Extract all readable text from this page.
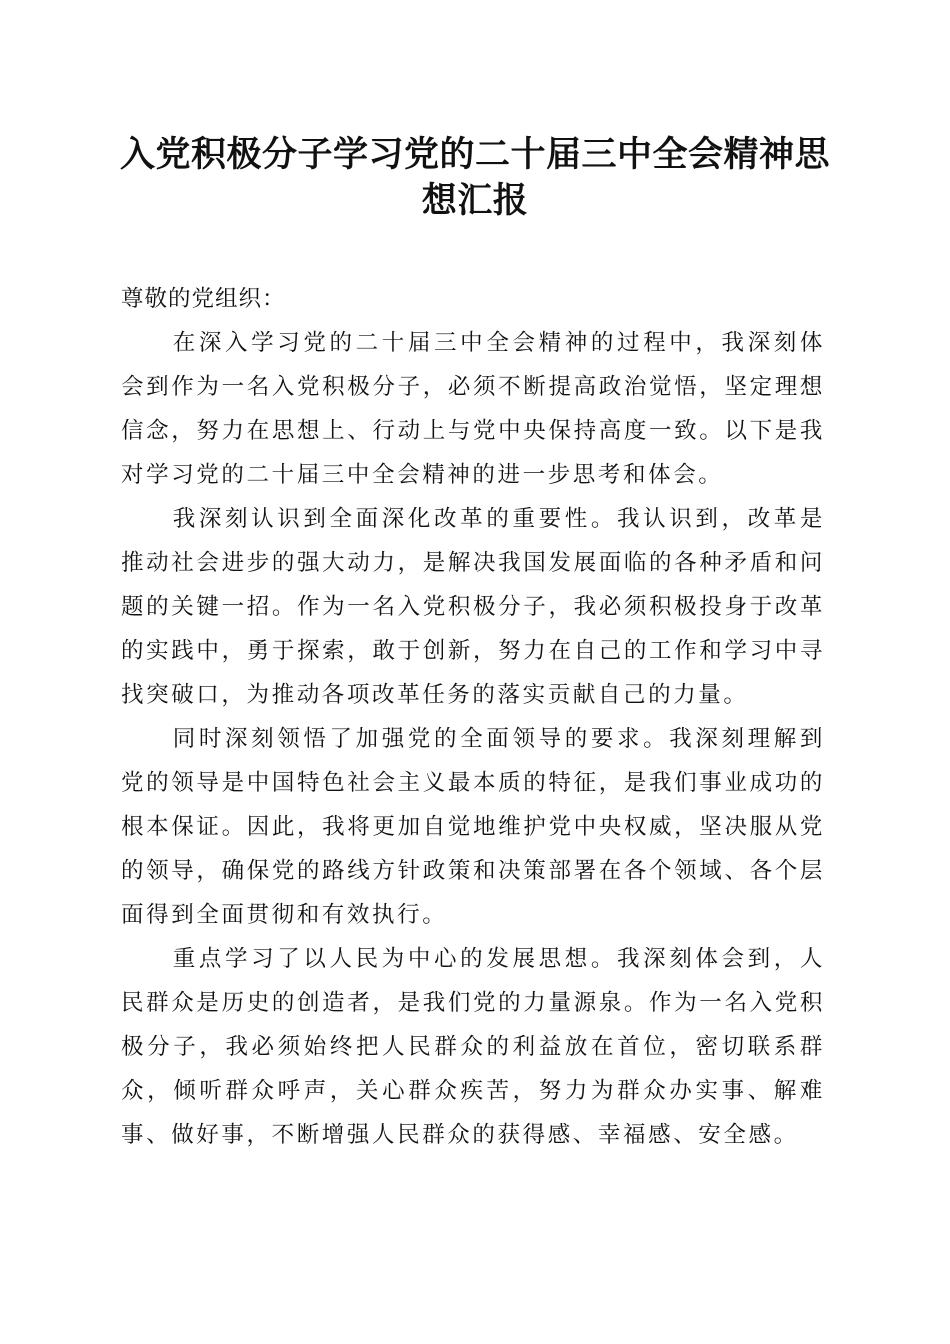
入党积极分子学习党的二十届三中全会精神思想汇报

尊敬的党组织：

在深入学习党的二十届三中全会精神的过程中，我深刻体会到作为一名入党积极分子，必须不断提高政治觉悟，坚定理想信念，努力在思想上、行动上与党中央保持高度一致。以下是我对学习党的二十届三中全会精神的进一步思考和体会。

我深刻认识到全面深化改革的重要性。我认识到，改革是推动社会进步的强大动力，是解决我国发展面临的各种矛盾和问题的关键一招。作为一名入党积极分子，我必须积极投身于改革的实践中，勇于探索，敢于创新，努力在自己的工作和学习中寻找突破口，为推动各项改革任务的落实贡献自己的力量。

同时深刻领悟了加强党的全面领导的要求。我深刻理解到党的领导是中国特色社会主义最本质的特征，是我们事业成功的根本保证。因此，我将更加自觉地维护党中央权威，坚决服从党的领导，确保党的路线方针政策和决策部署在各个领域、各个层面得到全面贯彻和有效执行。

重点学习了以人民为中心的发展思想。我深刻体会到，人民群众是历史的创造者，是我们党的力量源泉。作为一名入党积极分子，我必须始终把人民群众的利益放在首位，密切联系群众，倾听群众呼声，关心群众疾苦，努力为群众办实事、解难事、做好事，不断增强人民群众的获得感、幸福感、安全感。
